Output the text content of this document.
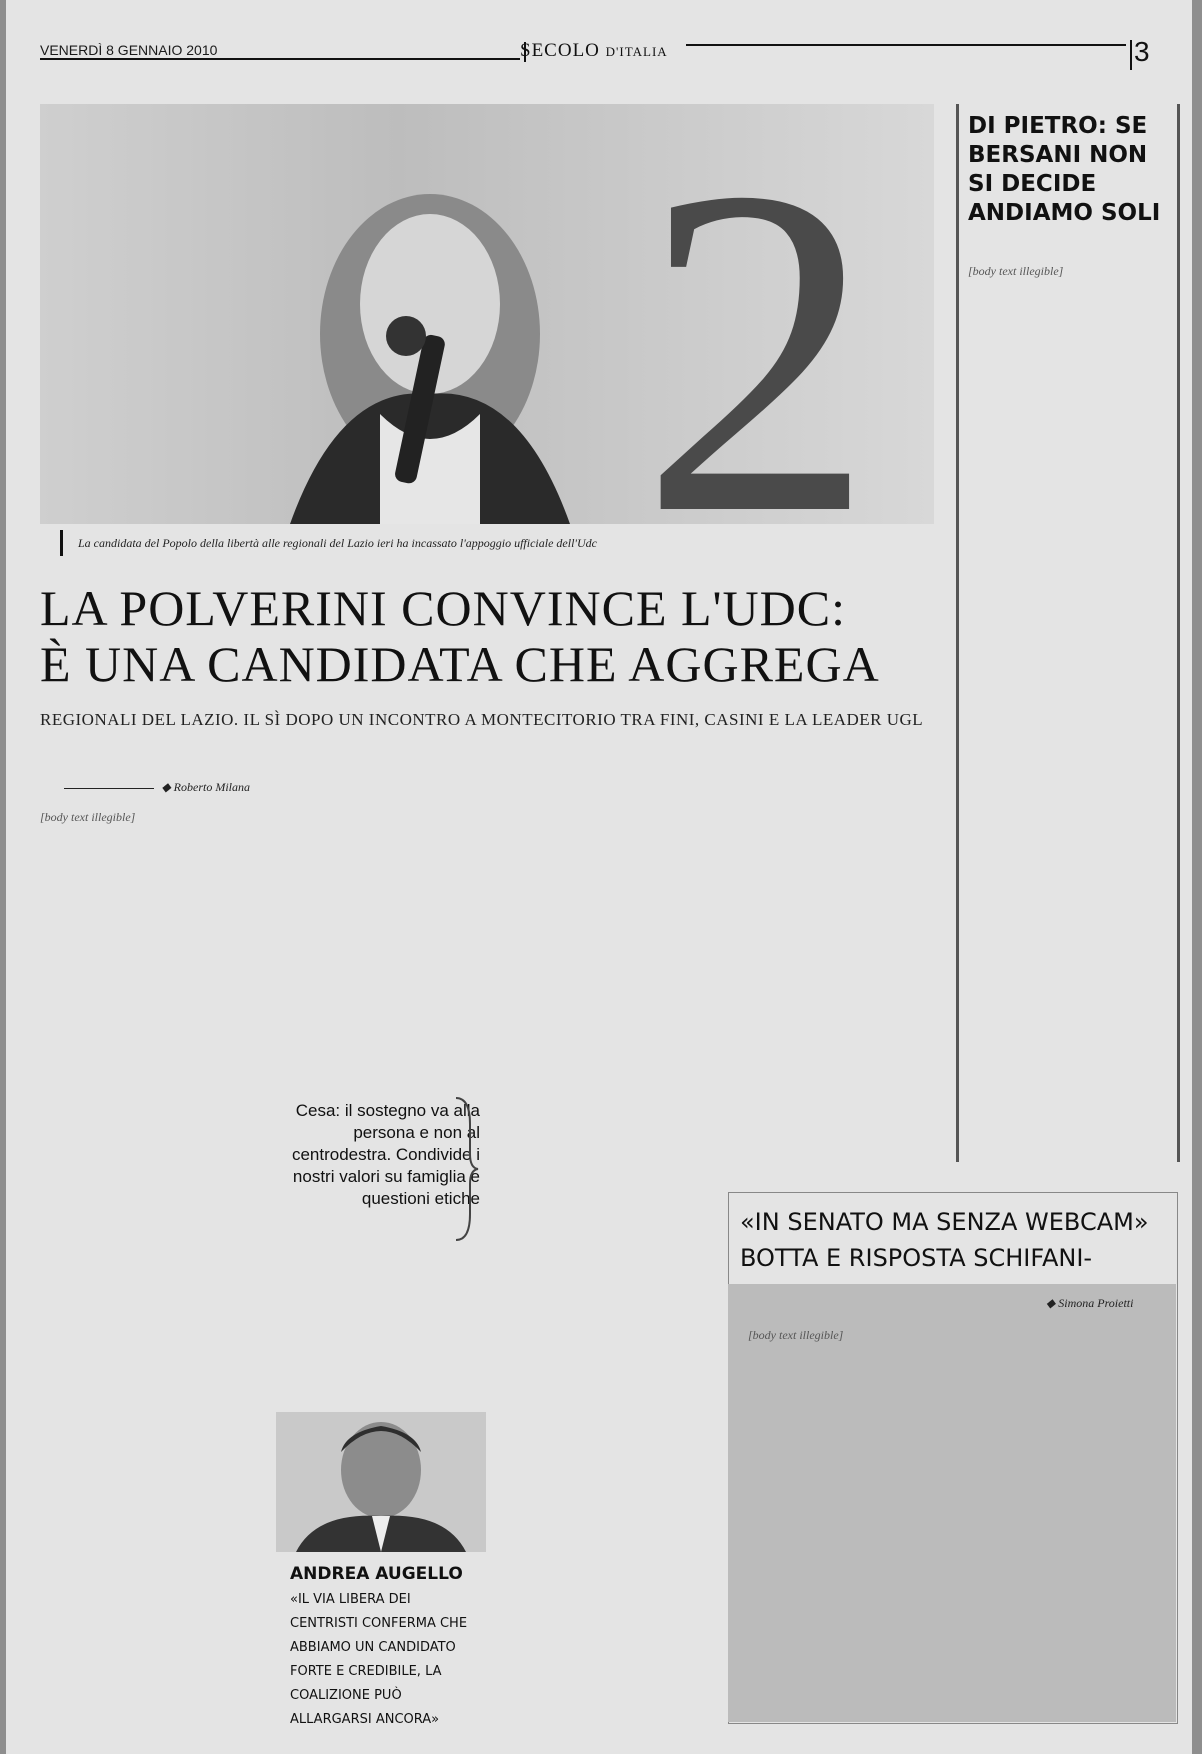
VENERDÌ 8 GENNAIO 2010	SECOLO D'ITALIA	3
2
La candidata del Popolo della libertà alle regionali del Lazio ieri ha incassato l'appoggio ufficiale dell'Udc
LA POLVERINI CONVINCE L'UDC:
È UNA CANDIDATA CHE AGGREGA
REGIONALI DEL LAZIO. IL SÌ DOPO UN INCONTRO A MONTECITORIO TRA FINI, CASINI E LA LEADER UGL
◆ Roberto Milana
[body text illegible]
Cesa: il sostegno va alla persona e non al centrodestra. Condivide i nostri valori su famiglia e questioni etiche
DI PIETRO: SE BERSANI NON SI DECIDE ANDIAMO SOLI
[body text illegible]
ANDREA AUGELLO
«IL VIA LIBERA DEI CENTRISTI CONFERMA CHE ABBIAMO UN CANDIDATO FORTE E CREDIBILE, LA COALIZIONE PUÒ ALLARGARSI ANCORA»
«IN SENATO MA SENZA WEBCAM»
BOTTA E RISPOSTA SCHIFANI-
◆ Simona Proietti
[body text illegible]
